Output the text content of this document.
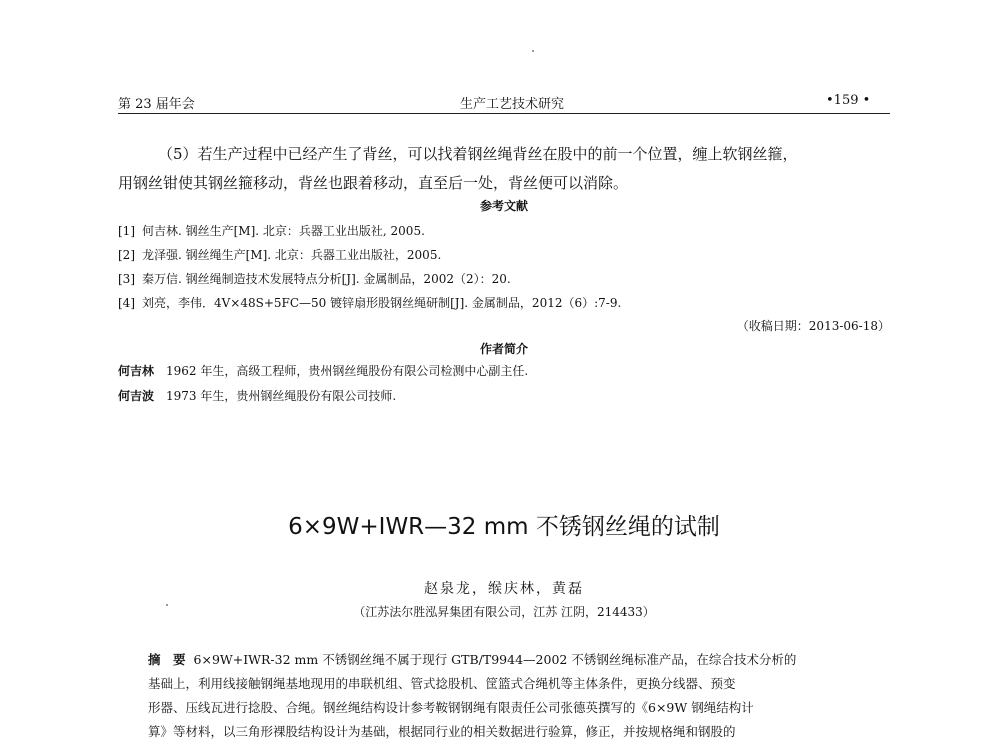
第 23 届年会	生产工艺技术研究	•159 •
（5）若生产过程中已经产生了背丝，可以找着钢丝绳背丝在股中的前一个位置，缠上软钢丝箍，
用钢丝钳使其钢丝箍移动，背丝也跟着移动，直至后一处，背丝便可以消除。
参考文献
[1] 何吉林. 钢丝生产[M]. 北京：兵器工业出版社, 2005.
[2] 龙泽强. 钢丝绳生产[M]. 北京：兵器工业出版社，2005.
[3] 秦万信. 钢丝绳制造技术发展特点分析[J]. 金属制品，2002（2）：20.
[4] 刘亮，李伟．4V×48S+5FC—50 镀锌扇形股钢丝绳研制[J]. 金属制品，2012（6）:7-9.
（收稿日期：2013-06-18）
作者简介
何吉林 1962 年生，高级工程师，贵州钢丝绳股份有限公司检测中心副主任.
何吉波 1973 年生，贵州钢丝绳股份有限公司技师.
6×9W+IWR—32 mm 不锈钢丝绳的试制
赵泉龙，缑庆林，黄磊
（江苏法尔胜泓昇集团有限公司，江苏 江阴，214433）
摘　要 6×9W+IWR-32 mm 不锈钢丝绳不属于现行 GTB/T9944—2002 不锈钢丝绳标准产品，在综合技术分析的
基础上，利用线接触钢绳基地现用的串联机组、管式捻股机、筐篮式合绳机等主体条件，更换分线器、预变
形器、压线瓦进行捻股、合绳。钢丝绳结构设计参考鞍钢钢绳有限责任公司张德英撰写的《6×9W 钢绳结构计
算》等材料，以三角形裸股结构设计为基础，根据同行业的相关数据进行验算，修正，并按规格绳和钢股的
